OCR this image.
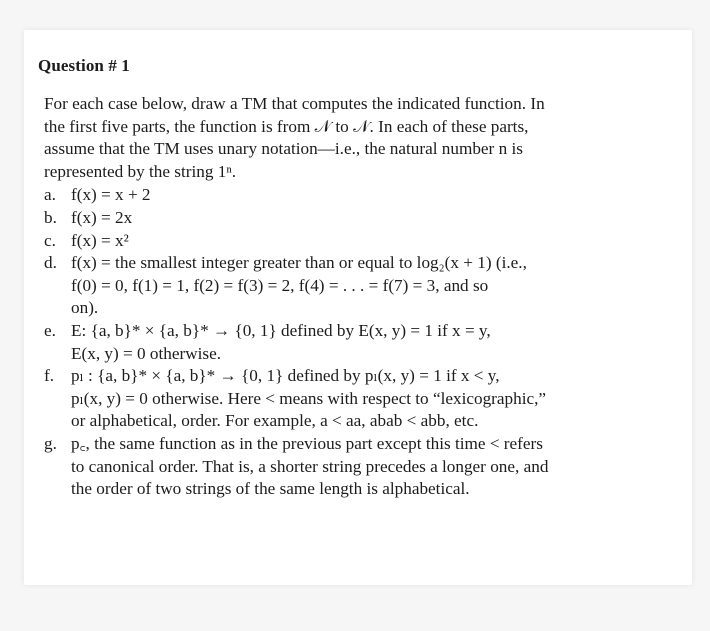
Question # 1
For each case below, draw a TM that computes the indicated function. In
the first five parts, the function is from 𝒩 to 𝒩. In each of these parts,
assume that the TM uses unary notation—i.e., the natural number n is
represented by the string 1ⁿ.
a. f(x) = x + 2
b. f(x) = 2x
c. f(x) = x²
d. f(x) = the smallest integer greater than or equal to log₂(x + 1) (i.e.,
f(0) = 0, f(1) = 1, f(2) = f(3) = 2, f(4) = . . . = f(7) = 3, and so
on).
e. E: {a, b}* × {a, b}* → {0, 1} defined by E(x, y) = 1 if x = y,
E(x, y) = 0 otherwise.
f. pₗ : {a, b}* × {a, b}* → {0, 1} defined by pₗ(x, y) = 1 if x < y,
pₗ(x, y) = 0 otherwise. Here < means with respect to “lexicographic,”
or alphabetical, order. For example, a < aa, abab < abb, etc.
g. p꜀, the same function as in the previous part except this time < refers
to canonical order. That is, a shorter string precedes a longer one, and
the order of two strings of the same length is alphabetical.
